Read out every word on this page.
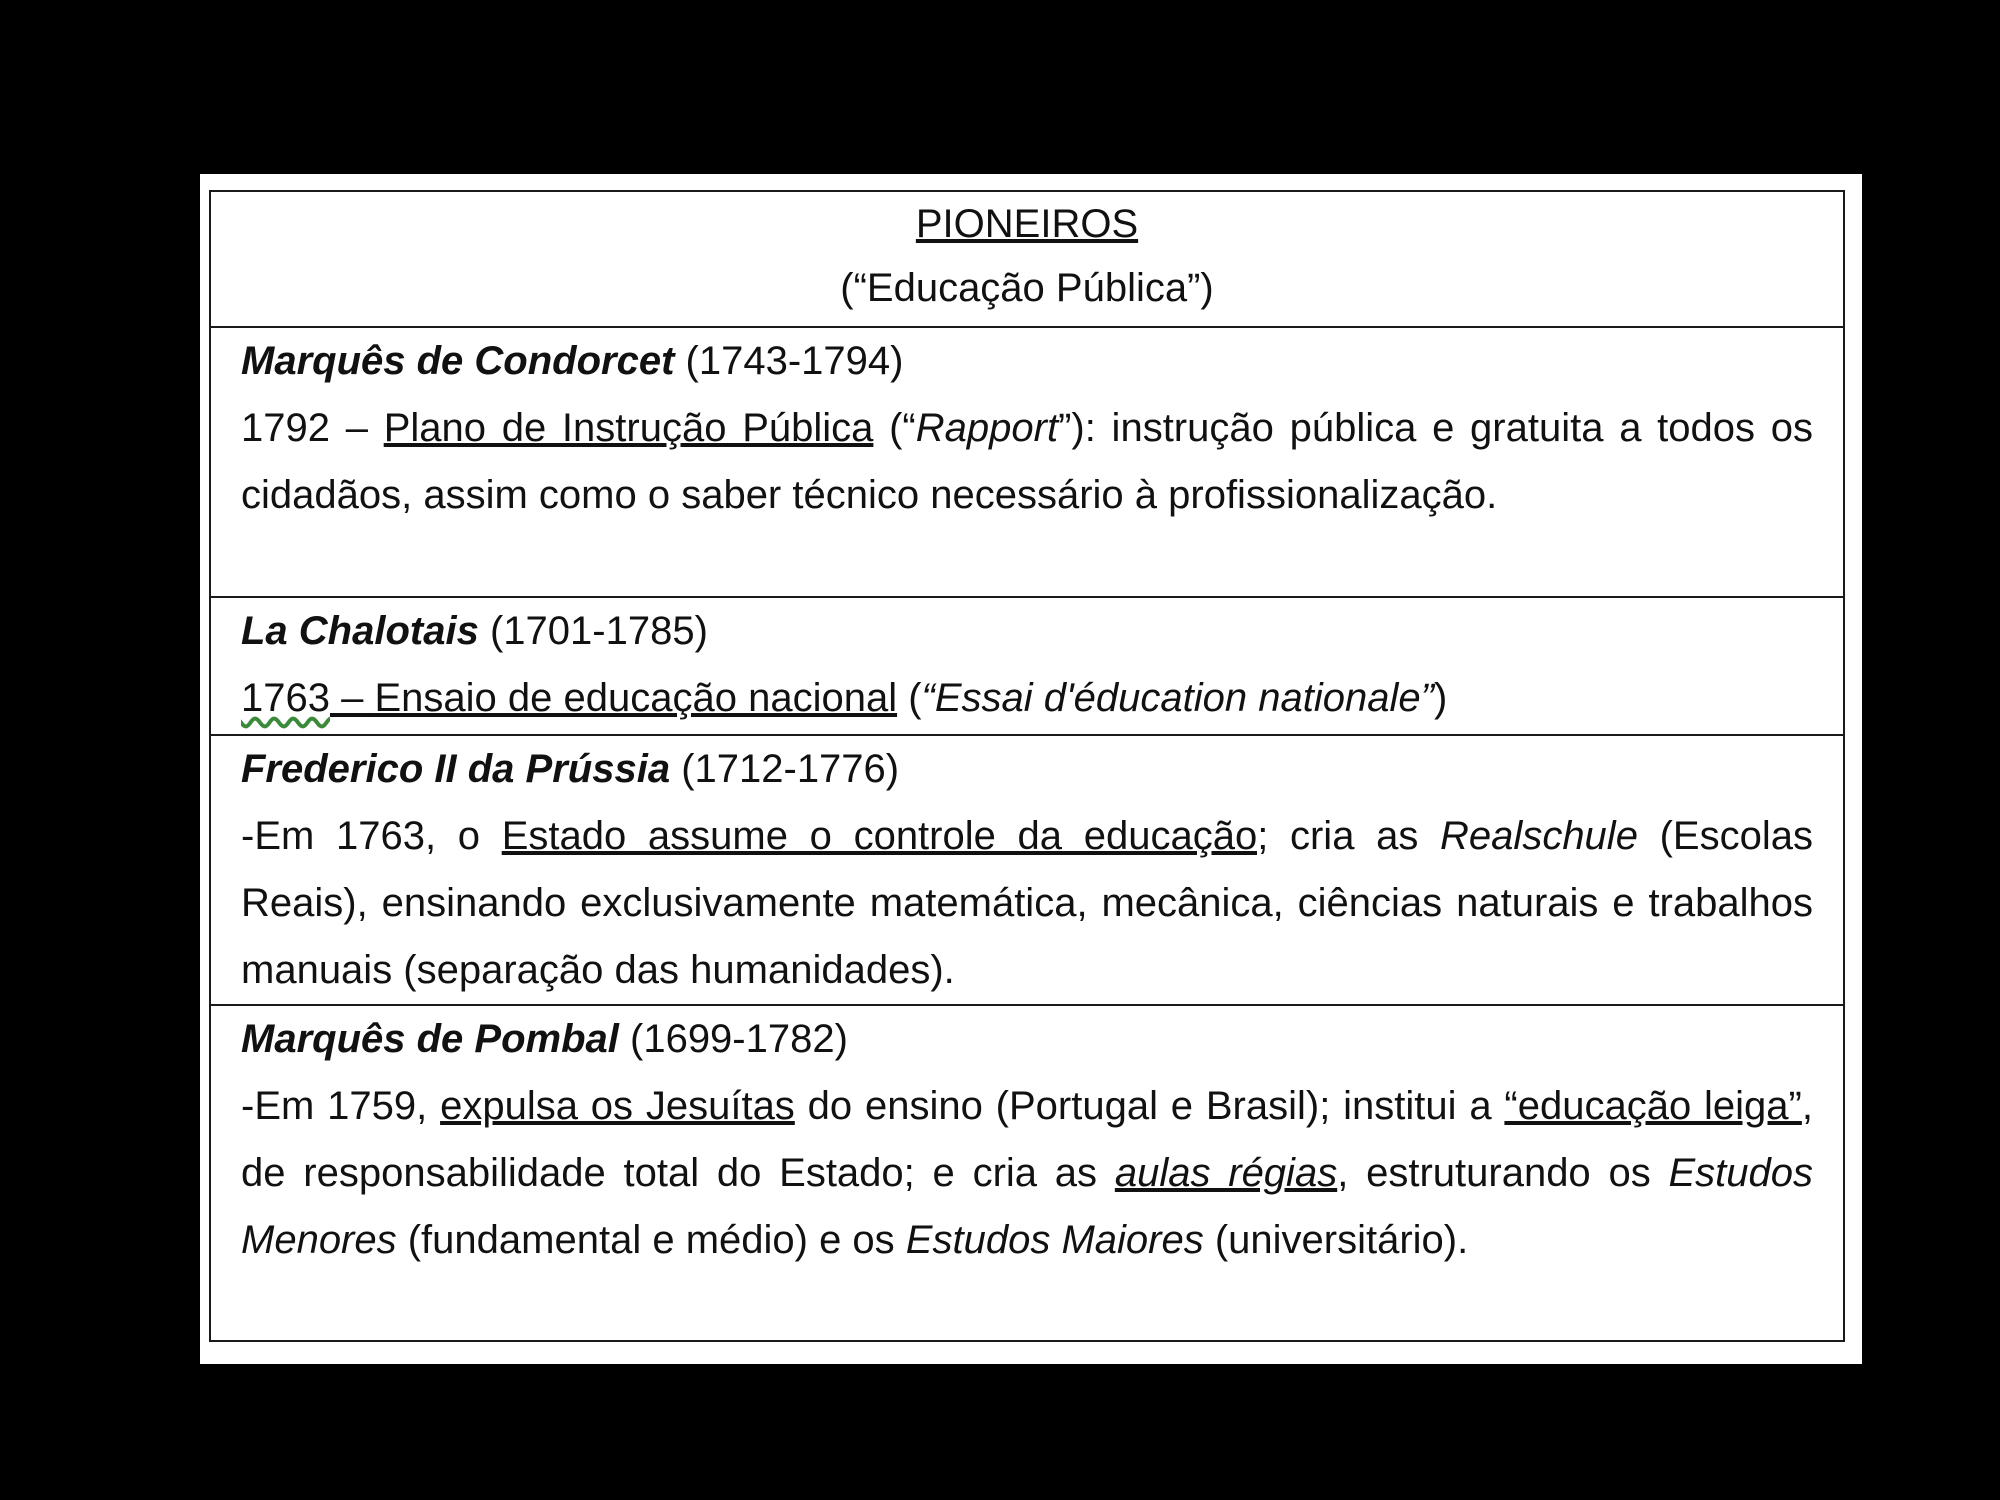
PIONEIROS
(“Educação Pública”)

Marquês de Condorcet (1743-1794)
1792 – Plano de Instrução Pública (“Rapport”): instrução pública e gratuita a todos os cidadãos, assim como o saber técnico necessário à profissionalização.
La Chalotais (1701-1785)
1763 – Ensaio de educação nacional (“Essai d'éducation nationale”)
Frederico II da Prússia (1712-1776)
-Em 1763, o Estado assume o controle da educação; cria as Realschule (Escolas Reais), ensinando exclusivamente matemática, mecânica, ciências naturais e trabalhos manuais (separação das humanidades).
Marquês de Pombal (1699-1782)
-Em 1759, expulsa os Jesuítas do ensino (Portugal e Brasil); institui a “educação leiga”, de responsabilidade total do Estado; e cria as aulas régias, estruturando os Estudos Menores (fundamental e médio) e os Estudos Maiores (universitário).
